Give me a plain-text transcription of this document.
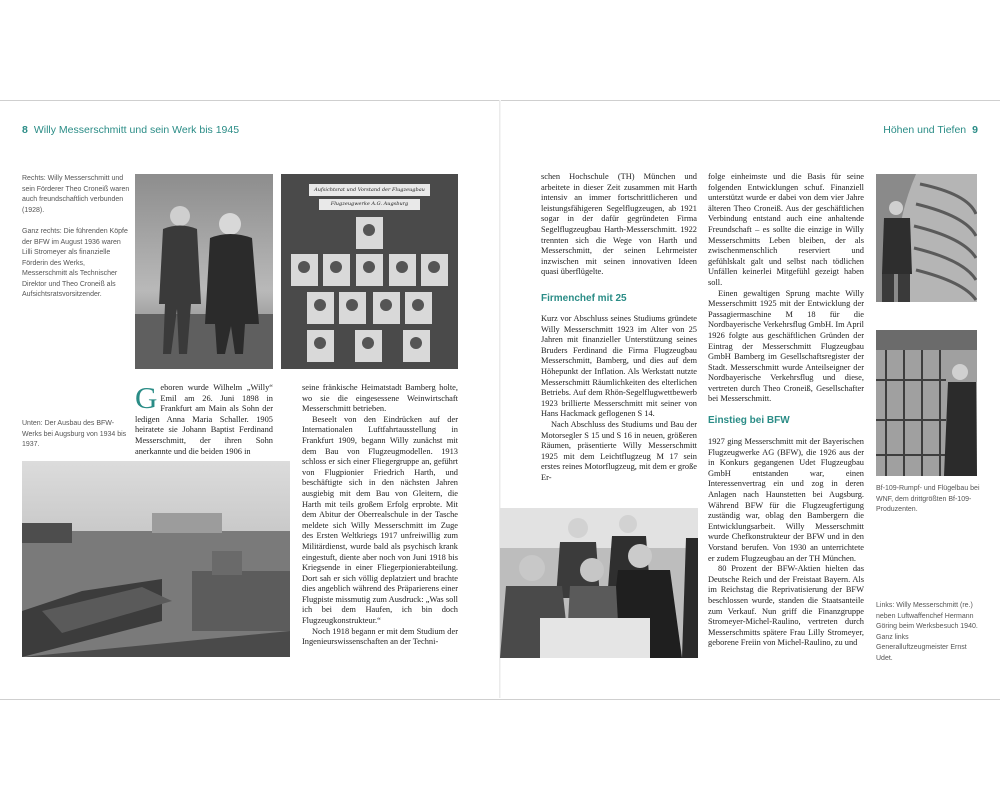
8 Willy Messerschmitt und sein Werk bis 1945	Höhen und Tiefen 9
Rechts: Willy Messerschmitt und sein Förderer Theo Croneiß waren auch freundschaftlich verbunden (1928).
Ganz rechts: Die führenden Köpfe der BFW im August 1936 waren Lilli Stromeyer als finanzielle Förderin des Werks, Messerschmitt als Technischer Direktor und Theo Croneiß als Aufsichtsratsvorsitzender.
Unten: Der Ausbau des BFW-Werks bei Augsburg von 1934 bis 1937.
Aufsichtsrat und Vorstand der Flugzeugbau
Flugzeugwerke A.G. Augsburg
Geboren wurde Wilhelm „Willy“ Emil am 26. Juni 1898 in Frankfurt am Main als Sohn der ledigen Anna Maria Schaller. 1905 heiratete sie Johann Baptist Ferdinand Messerschmitt, der ihren Sohn anerkannte und die beiden 1906 in

seine fränkische Heimatstadt Bamberg holte, wo sie die eingesessene Weinwirtschaft Messerschmitt betrieben.

Beseelt von den Eindrücken auf der Internationalen Luftfahrtausstellung in Frankfurt 1909, begann Willy zunächst mit dem Bau von Flugzeugmodellen. 1913 schloss er sich einer Fliegergruppe an, geführt von Flugpionier Friedrich Harth, und beschäftigte sich in den nächsten Jahren ausgiebig mit dem Bau von Gleitern, die Harth mit teils großem Erfolg erprobte. Mit dem Abitur der Oberrealschule in der Tasche meldete sich Willy Messerschmitt im Zuge des Ersten Weltkriegs 1917 unfreiwillig zum Militärdienst, wurde bald als psychisch krank eingestuft, diente aber noch von Juni 1918 bis Kriegsende in einer Fliegerpionierabteilung. Dort sah er sich völlig deplatziert und brachte dies angeblich während des Präparierens einer Flugpiste missmutig zum Ausdruck: „Was soll ich bei dem Haufen, ich bin doch Flugzeugkonstrukteur.“

Noch 1918 begann er mit dem Studium der Ingenieurswissenschaften an der Techni-

schen Hochschule (TH) München und arbeitete in dieser Zeit zusammen mit Harth intensiv an immer fortschrittlicheren und leistungsfähigeren Segelflugzeugen, ab 1921 sogar in der dafür gegründeten Firma Segelflugzeugbau Harth-Messerschmitt. 1922 trennten sich die Wege von Harth und Messerschmitt, der seinen Lehrmeister inzwischen mit seinen innovativen Ideen quasi überflügelte.

Firmenchef mit 25

Kurz vor Abschluss seines Studiums gründete Willy Messerschmitt 1923 im Alter von 25 Jahren mit finanzieller Unterstützung seines Bruders Ferdinand die Firma Flugzeugbau Messerschmitt, Bamberg, und dies auf dem Höhepunkt der Inflation. Als Werkstatt nutzte Messerschmitt Räumlichkeiten des elterlichen Betriebs. Auf dem Rhön-Segelflugwettbewerb 1923 brillierte Messerschmitt mit seiner von Hans Hackmack geflogenen S 14.

Nach Abschluss des Studiums und Bau der Motorsegler S 15 und S 16 in neuen, größeren Räumen, präsentierte Willy Messerschmitt 1925 mit dem Leichtflugzeug M 17 sein erstes reines Motorflugzeug, mit dem er große Er-

folge einheimste und die Basis für seine folgenden Entwicklungen schuf. Finanziell unterstützt wurde er dabei von dem vier Jahre älteren Theo Croneiß. Aus der geschäftlichen Verbindung entstand auch eine anhaltende Freundschaft – es sollte die einzige in Willy Messerschmitts Leben bleiben, der als zwischenmenschlich reserviert und gefühlskalt galt und selbst nach tödlichen Unfällen keinerlei Mitgefühl gezeigt haben soll.

Einen gewaltigen Sprung machte Willy Messerschmitt 1925 mit der Entwicklung der Passagiermaschine M 18 für die Nordbayerische Verkehrsflug GmbH. Im April 1926 folgte aus geschäftlichen Gründen der Eintrag der Messerschmitt Flugzeugbau GmbH Bamberg im Gesellschaftsregister der Stadt. Messerschmitt wurde Anteilseigner der Nordbayerische Verkehrsflug und diese, vertreten durch Theo Croneiß, Gesellschafter bei Messerschmitt.

Einstieg bei BFW

1927 ging Messerschmitt mit der Bayerischen Flugzeugwerke AG (BFW), die 1926 aus der in Konkurs gegangenen Udet Flugzeugbau GmbH entstanden war, einen Interessenvertrag ein und zog in deren Anlagen nach Haunstetten bei Augsburg. Während BFW für die Flugzeugfertigung zuständig war, oblag den Bambergern die Entwicklungsarbeit. Willy Messerschmitt wurde Chefkonstrukteur der BFW und in den Vorstand berufen. Von 1930 an unterrichtete er zudem Flugzeugbau an der TH München.

80 Prozent der BFW-Aktien hielten das Deutsche Reich und der Freistaat Bayern. Als im Reichstag die Reprivatisierung der BFW beschlossen wurde, standen die Staatsanteile zum Verkauf. Nun griff die Finanzgruppe Stromeyer-Michel-Raulino, vertreten durch Messerschmitts spätere Frau Lilly Stromeyer, geborene Freiin von Michel-Raulino, zu und

Bf-109-Rumpf- und Flügelbau bei WNF, dem drittgrößten Bf-109-Produzenten.
Links: Willy Messerschmitt (re.) neben Luftwaffenchef Hermann Göring beim Werksbesuch 1940. Ganz links Generalluftzeugmeister Ernst Udet.
